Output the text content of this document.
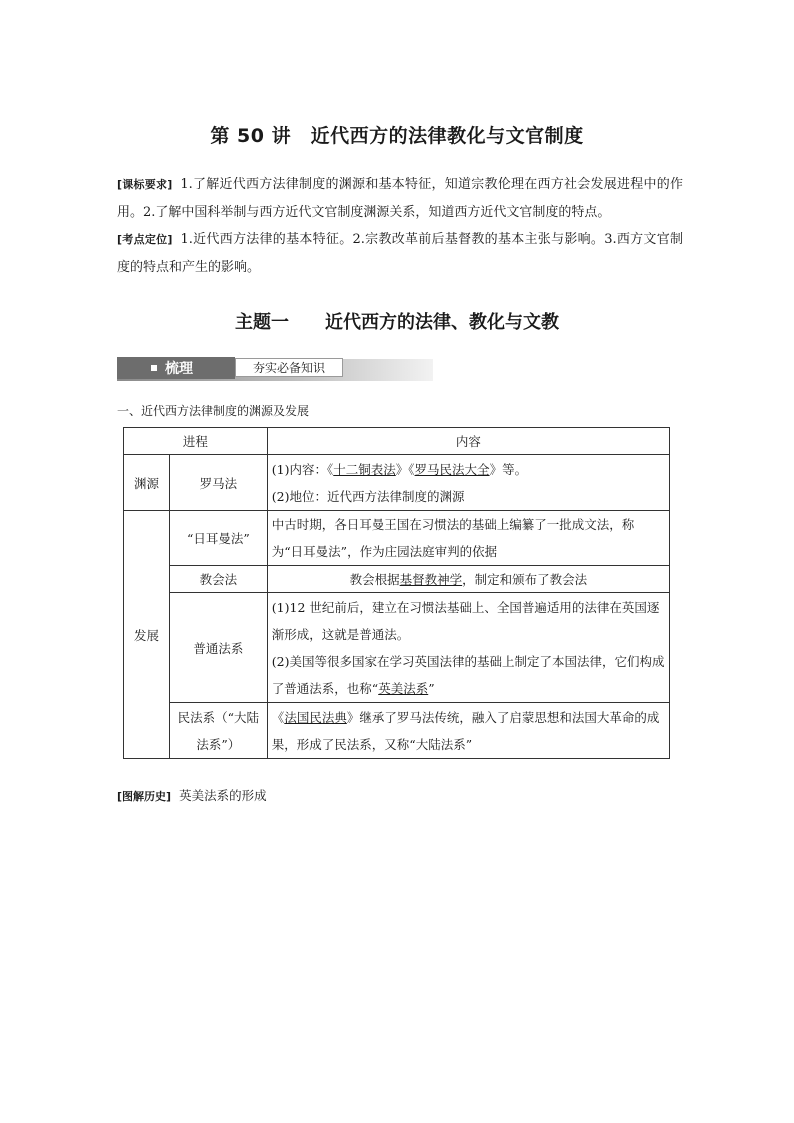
第 50 讲　近代西方的法律教化与文官制度

[课标要求] 1.了解近代西方法律制度的渊源和基本特征，知道宗教伦理在西方社会发展进程中的作用。2.了解中国科举制与西方近代文官制度渊源关系，知道西方近代文官制度的特点。

[考点定位] 1.近代西方法律的基本特征。2.宗教改革前后基督教的基本主张与影响。3.西方文官制度的特点和产生的影响。

主题一　　近代西方的法律、教化与文教
梳理	夯实必备知识
一、近代西方法律制度的渊源及发展
进程		内容
渊源	罗马法	(1)内容：《十二铜表法》《罗马民法大全》等。
(2)地位：近代西方法律制度的渊源

发展	“日耳曼法”	中古时期，各日耳曼王国在习惯法的基础上编纂了一批成文法，称为“日耳曼法”，作为庄园法庭审判的依据
	教会法	教会根据基督教神学，制定和颁布了教会法
	普通法系	(1)12 世纪前后，建立在习惯法基础上、全国普遍适用的法律在英国逐渐形成，这就是普通法。
(2)美国等很多国家在学习英国法律的基础上制定了本国法律，它们构成了普通法系，也称“英美法系”

	民法系（“大陆法系”）	《法国民法典》继承了罗马法传统，融入了启蒙思想和法国大革命的成果，形成了民法系，又称“大陆法系”
[图解历史] 英美法系的形成
